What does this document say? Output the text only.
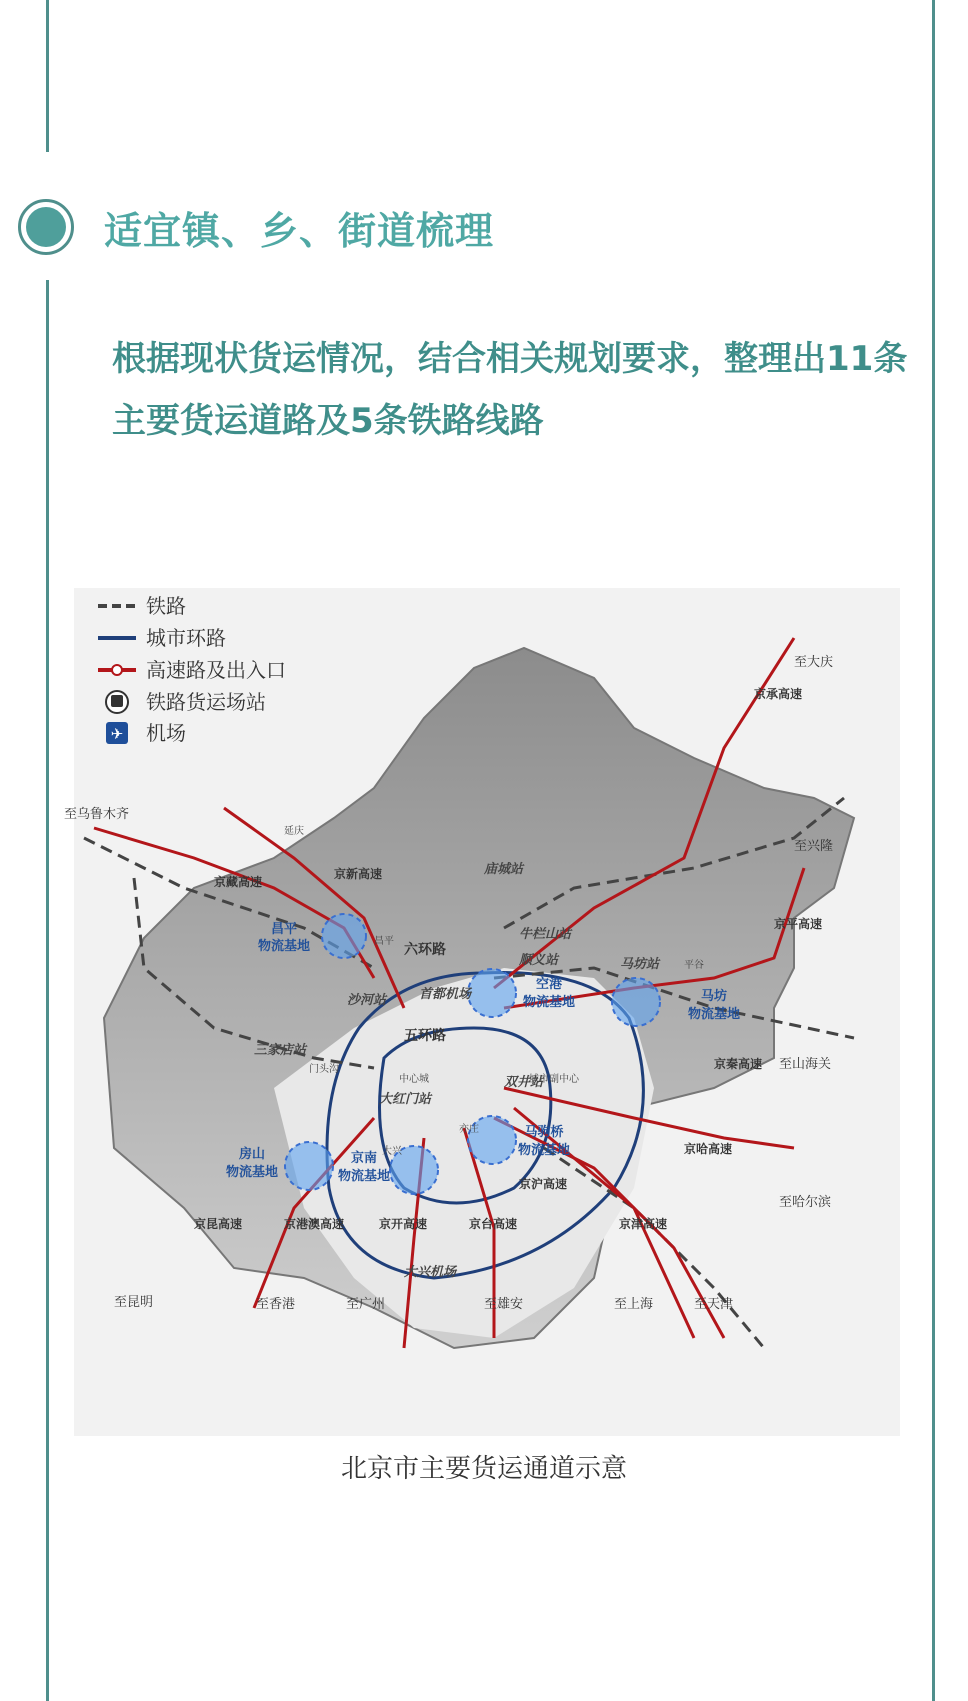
适宜镇、乡、街道梳理
根据现状货运情况，结合相关规划要求，整理出11条主要货运道路及5条铁路线路
昌平
物流基地
空港
物流基地	马坊
物流基地
马驹桥
物流基地
房山
物流基地
京南
物流基地
庙城站
牛栏山站
顺义站	马坊站
沙河站
三家店站
双井站
大红门站
首都机场
大兴机场
六环路
五环路
京新高速
京藏高速
京承高速
京平高速
京秦高速
京哈高速
京津高速
京沪高速
京台高速
京开高速
京港澳高速
京昆高速
至乌鲁木齐
至大庆
至兴隆
至山海关
至哈尔滨
至天津
至上海
至雄安
至广州
至香港
至昆明
延庆
昌平
平谷
门头沟
中心城	城市副中心
大兴
亦庄
铁路
城市环路
高速路及出入口
铁路货运场站
✈ 机场
北京市主要货运通道示意
